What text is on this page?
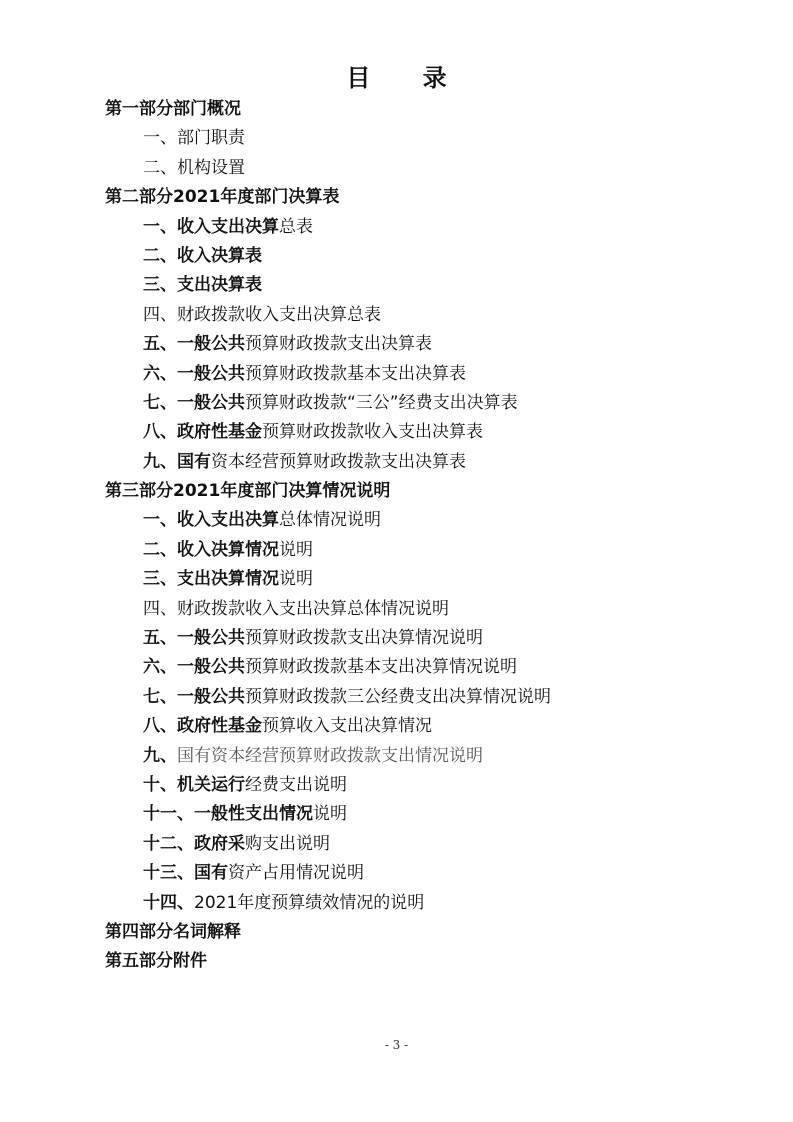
目 录
第一部分部门概况
一、部门职责
二、机构设置
第二部分2021年度部门决算表
一、收入支出决算总表
二、收入决算表
三、支出决算表
四、财政拨款收入支出决算总表
五、一般公共预算财政拨款支出决算表
六、一般公共预算财政拨款基本支出决算表
七、一般公共预算财政拨款“三公”经费支出决算表
八、政府性基金预算财政拨款收入支出决算表
九、国有资本经营预算财政拨款支出决算表
第三部分2021年度部门决算情况说明
一、收入支出决算总体情况说明
二、收入决算情况说明
三、支出决算情况说明
四、财政拨款收入支出决算总体情况说明
五、一般公共预算财政拨款支出决算情况说明
六、一般公共预算财政拨款基本支出决算情况说明
七、一般公共预算财政拨款三公经费支出决算情况说明
八、政府性基金预算收入支出决算情况
九、国有资本经营预算财政拨款支出情况说明
十、机关运行经费支出说明
十一、一般性支出情况说明
十二、政府采购支出说明
十三、国有资产占用情况说明
十四、2021年度预算绩效情况的说明
第四部分名词解释
第五部分附件
- 3 -
